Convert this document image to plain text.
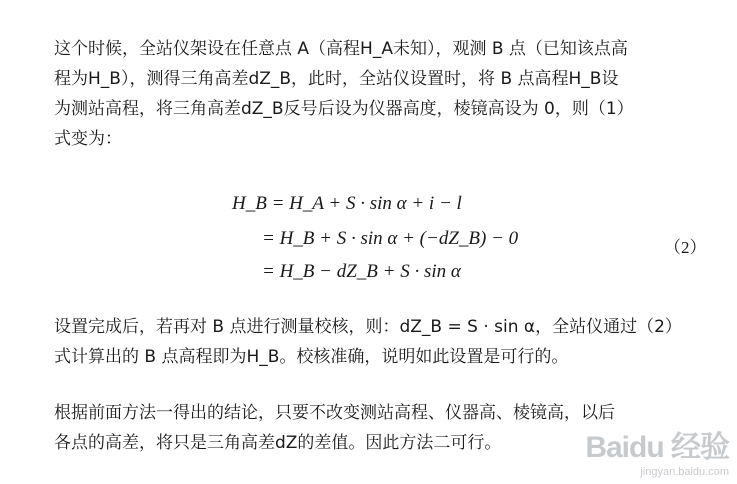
这个时候，全站仪架设在任意点 A（高程H_A未知），观测 B 点（已知该点高
程为H_B），测得三角高差dZ_B，此时，全站仪设置时，将 B 点高程H_B设
为测站高程，将三角高差dZ_B反号后设为仪器高度，棱镜高设为 0，则（1）
式变为：
H_B = H_A + S · sin α + i − l
= H_B + S · sin α + (−dZ_B) − 0
= H_B − dZ_B + S · sin α
（2）
设置完成后，若再对 B 点进行测量校核，则：dZ_B = S · sin α，全站仪通过（2）
式计算出的 B 点高程即为H_B。校核准确，说明如此设置是可行的。
根据前面方法一得出的结论，只要不改变测站高程、仪器高、棱镜高，以后
各点的高差，将只是三角高差dZ的差值。因此方法二可行。	Baidu 经验
jingyan.baidu.com
